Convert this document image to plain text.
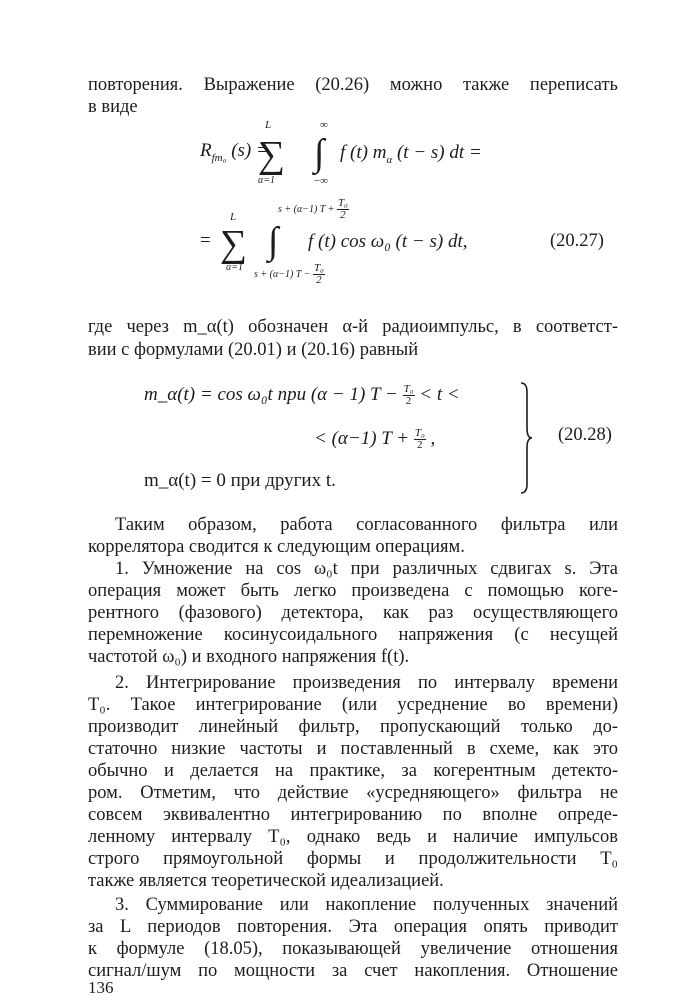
повторения. Выражение (20.26) можно также переписать
в виде
$R_{fm_0}$ (s) =
L
∑
α=1
∞
∫
−∞
f (t) $m_\alpha$ (t − s) dt =
=
L
∑
α=1
s + (α−1) $T + \frac{\text{T₀}}{2}$
∫
s + (α−1) $T - \frac{\text{T₀}}{2}$
f (t) cos ω₀ (t − s) dt,	(20.27)
где через m_α(t) обозначен α-й радиоимпульс, в соответст-
вии с формулами (20.01) и (20.16) равный
m_α(t) = cos ω₀t при (α − 1) $T - \frac{\text{T₀}}{2} < t$ <
< (α−1) $T + \frac{\text{T₀}}{2}$ ,
m_α(t) = 0 при других t.
(20.28)
Таким образом, работа согласованного фильтра или
коррелятора сводится к следующим операциям.
1. Умножение на cos ω₀t при различных сдвигах s. Эта
операция может быть легко произведена с помощью коге-
рентного (фазового) детектора, как раз осуществляющего
перемножение косинусоидального напряжения (с несущей
частотой ω₀) и входного напряжения f(t).
2. Интегрирование произведения по интервалу времени
T₀. Такое интегрирование (или усреднение во времени)
производит линейный фильтр, пропускающий только до-
статочно низкие частоты и поставленный в схеме, как это
обычно и делается на практике, за когерентным детекто-
ром. Отметим, что действие «усредняющего» фильтра не
совсем эквивалентно интегрированию по вполне опреде-
ленному интервалу T₀, однако ведь и наличие импульсов
строго прямоугольной формы и продолжительности T₀
также является теоретической идеализацией.
3. Суммирование или накопление полученных значений
за L периодов повторения. Эта операция опять приводит
к формуле (18.05), показывающей увеличение отношения
сигнал/шум по мощности за счет накопления. Отношение
136
